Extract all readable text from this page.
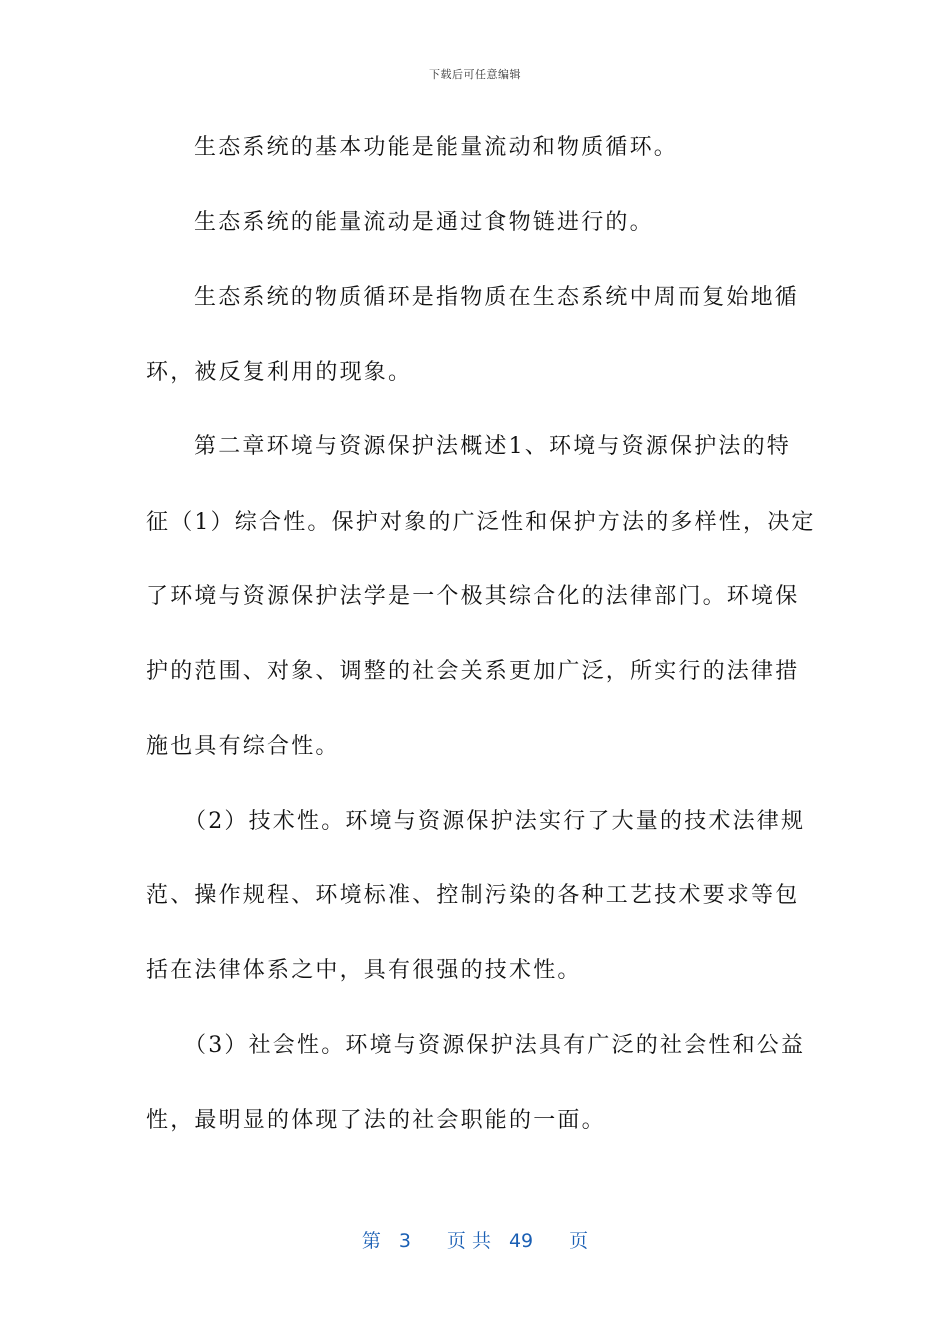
下载后可任意编辑
生态系统的基本功能是能量流动和物质循环。
生态系统的能量流动是通过食物链进行的。
生态系统的物质循环是指物质在生态系统中周而复始地循
环，被反复利用的现象。
第二章环境与资源保护法概述1、环境与资源保护法的特
征（1）综合性。保护对象的广泛性和保护方法的多样性，决定
了环境与资源保护法学是一个极其综合化的法律部门。环境保
护的范围、对象、调整的社会关系更加广泛，所实行的法律措
施也具有综合性。
（2）技术性。环境与资源保护法实行了大量的技术法律规
范、操作规程、环境标准、控制污染的各种工艺技术要求等包
括在法律体系之中，具有很强的技术性。
（3）社会性。环境与资源保护法具有广泛的社会性和公益
性，最明显的体现了法的社会职能的一面。
第 3 页 共 49 页
